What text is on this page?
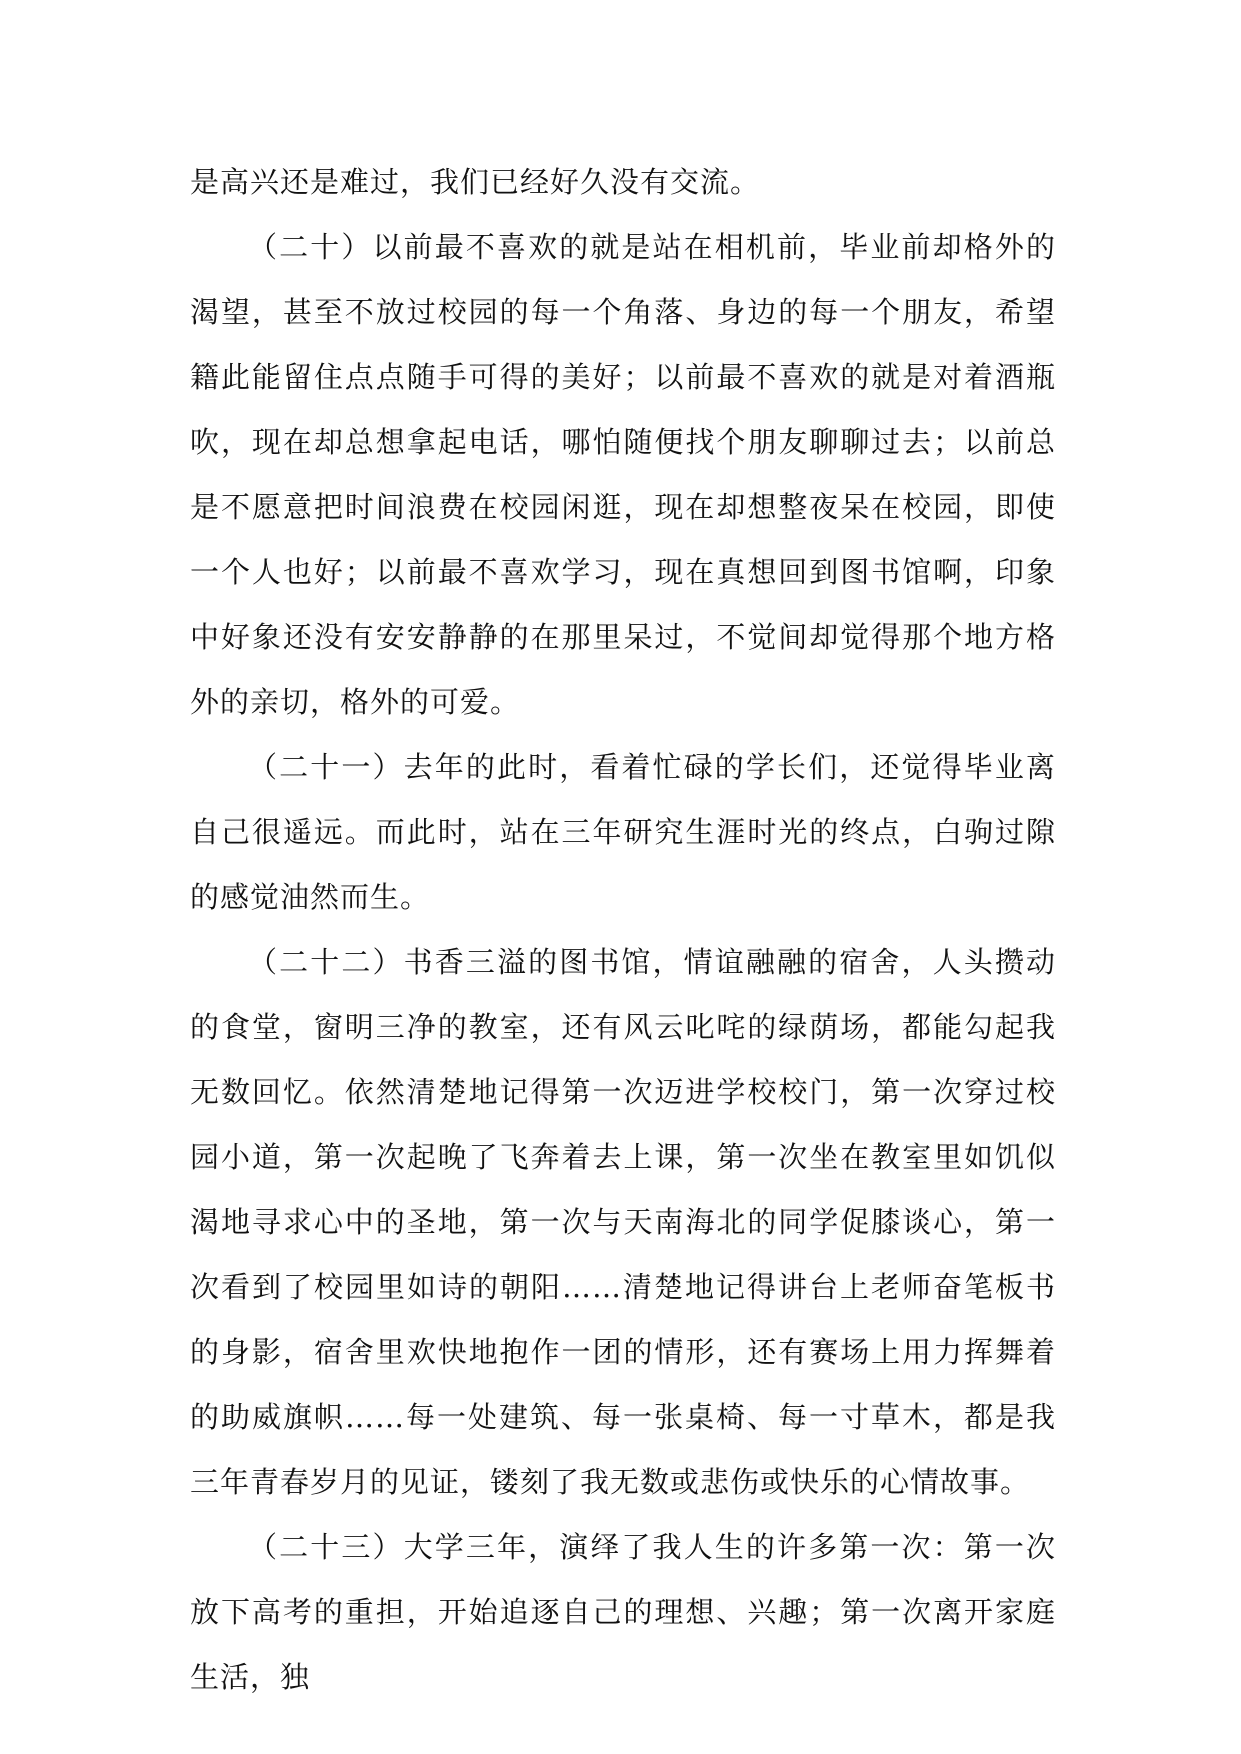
是高兴还是难过，我们已经好久没有交流。

（二十）以前最不喜欢的就是站在相机前，毕业前却格外的渴望，甚至不放过校园的每一个角落、身边的每一个朋友，希望籍此能留住点点随手可得的美好；以前最不喜欢的就是对着酒瓶吹，现在却总想拿起电话，哪怕随便找个朋友聊聊过去；以前总是不愿意把时间浪费在校园闲逛，现在却想整夜呆在校园，即使一个人也好；以前最不喜欢学习，现在真想回到图书馆啊，印象中好象还没有安安静静的在那里呆过，不觉间却觉得那个地方格外的亲切，格外的可爱。

（二十一）去年的此时，看着忙碌的学长们，还觉得毕业离自己很遥远。而此时，站在三年研究生涯时光的终点，白驹过隙的感觉油然而生。

（二十二）书香三溢的图书馆，情谊融融的宿舍，人头攒动的食堂，窗明三净的教室，还有风云叱咤的绿荫场，都能勾起我无数回忆。依然清楚地记得第一次迈进学校校门，第一次穿过校园小道，第一次起晚了飞奔着去上课，第一次坐在教室里如饥似渴地寻求心中的圣地，第一次与天南海北的同学促膝谈心，第一次看到了校园里如诗的朝阳……清楚地记得讲台上老师奋笔板书的身影，宿舍里欢快地抱作一团的情形，还有赛场上用力挥舞着的助威旗帜……每一处建筑、每一张桌椅、每一寸草木，都是我三年青春岁月的见证，镂刻了我无数或悲伤或快乐的心情故事。

（二十三）大学三年，演绎了我人生的许多第一次：第一次放下高考的重担，开始追逐自己的理想、兴趣；第一次离开家庭生活，独
